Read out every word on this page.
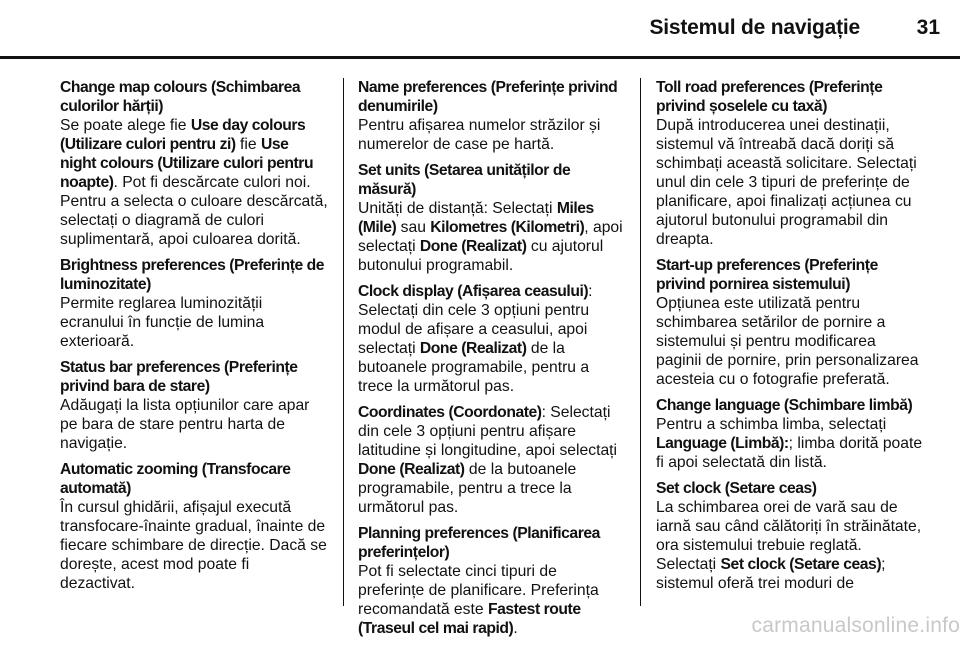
Sistemul de navigație	31
Change map colours (Schimbarea culorilor hărții)
Se poate alege fie Use day colours (Utilizare culori pentru zi) fie Use night colours (Utilizare culori pentru noapte). Pot fi descărcate culori noi. Pentru a selecta o culoare descărcată, selectați o diagramă de culori suplimentară, apoi culoarea dorită.
Brightness preferences (Preferințe de luminozitate)
Permite reglarea luminozității ecranului în funcție de lumina exterioară.
Status bar preferences (Preferințe privind bara de stare)
Adăugați la lista opțiunilor care apar pe bara de stare pentru harta de navigație.
Automatic zooming (Transfocare automată)
În cursul ghidării, afișajul execută transfocare-înainte gradual, înainte de fiecare schimbare de direcție. Dacă se dorește, acest mod poate fi dezactivat.
Name preferences (Preferințe privind denumirile)
Pentru afișarea numelor străzilor și numerelor de case pe hartă.
Set units (Setarea unităților de măsură)
Unități de distanță: Selectați Miles (Mile) sau Kilometres (Kilometri), apoi selectați Done (Realizat) cu ajutorul butonului programabil.
Clock display (Afișarea ceasului): Selectați din cele 3 opțiuni pentru modul de afișare a ceasului, apoi selectați Done (Realizat) de la butoanele programabile, pentru a trece la următorul pas.
Coordinates (Coordonate): Selectați din cele 3 opțiuni pentru afișare latitudine și longitudine, apoi selectați Done (Realizat) de la butoanele programabile, pentru a trece la următorul pas.
Planning preferences (Planificarea preferințelor)
Pot fi selectate cinci tipuri de preferințe de planificare. Preferința recomandată este Fastest route (Traseul cel mai rapid).
Toll road preferences (Preferințe privind șoselele cu taxă)
După introducerea unei destinații, sistemul vă întreabă dacă doriți să schimbați această solicitare. Selectați unul din cele 3 tipuri de preferințe de planificare, apoi finalizați acțiunea cu ajutorul butonului programabil din dreapta.
Start-up preferences (Preferințe privind pornirea sistemului)
Opțiunea este utilizată pentru schimbarea setărilor de pornire a sistemului și pentru modificarea paginii de pornire, prin personalizarea acesteia cu o fotografie preferată.
Change language (Schimbare limbă)
Pentru a schimba limba, selectați Language (Limbă):; limba dorită poate fi apoi selectată din listă.
Set clock (Setare ceas)
La schimbarea orei de vară sau de iarnă sau când călătoriți în străinătate, ora sistemului trebuie reglată. Selectați Set clock (Setare ceas); sistemul oferă trei moduri de
carmanualsonline.info
